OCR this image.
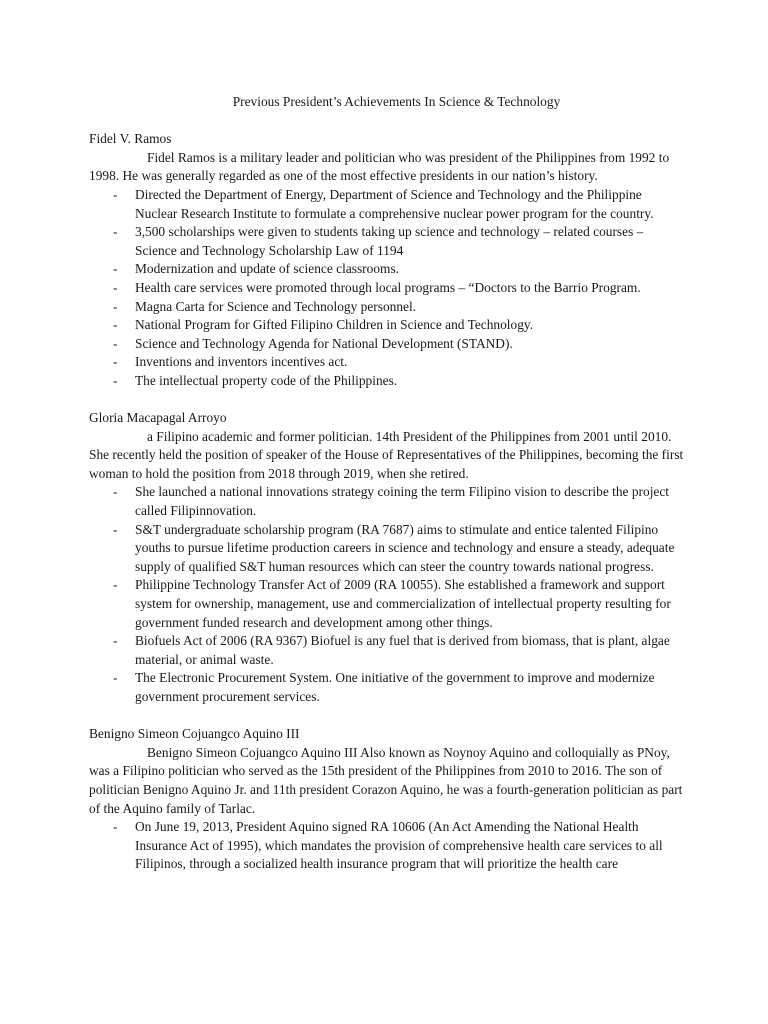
Previous President’s Achievements In Science & Technology

Fidel V. Ramos

Fidel Ramos is a military leader and politician who was president of the Philippines from 1992 to 1998. He was generally regarded as one of the most effective presidents in our nation’s history.

- Directed the Department of Energy, Department of Science and Technology and the Philippine Nuclear Research Institute to formulate a comprehensive nuclear power program for the country.
- 3,500 scholarships were given to students taking up science and technology – related courses – Science and Technology Scholarship Law of 1194
- Modernization and update of science classrooms.
- Health care services were promoted through local programs – “Doctors to the Barrio Program.
- Magna Carta for Science and Technology personnel.
- National Program for Gifted Filipino Children in Science and Technology.
- Science and Technology Agenda for National Development (STAND).
- Inventions and inventors incentives act.
- The intellectual property code of the Philippines.

Gloria Macapagal Arroyo

a Filipino academic and former politician. 14th President of the Philippines from 2001 until 2010. She recently held the position of speaker of the House of Representatives of the Philippines, becoming the first woman to hold the position from 2018 through 2019, when she retired.

- She launched a national innovations strategy coining the term Filipino vision to describe the project called Filipinnovation.
- S&T undergraduate scholarship program (RA 7687) aims to stimulate and entice talented Filipino youths to pursue lifetime production careers in science and technology and ensure a steady, adequate supply of qualified S&T human resources which can steer the country towards national progress.
- Philippine Technology Transfer Act of 2009 (RA 10055). She established a framework and support system for ownership, management, use and commercialization of intellectual property resulting for government funded research and development among other things.
- Biofuels Act of 2006 (RA 9367) Biofuel is any fuel that is derived from biomass, that is plant, algae material, or animal waste.
- The Electronic Procurement System. One initiative of the government to improve and modernize government procurement services.

Benigno Simeon Cojuangco Aquino III

Benigno Simeon Cojuangco Aquino III Also known as Noynoy Aquino and colloquially as PNoy, was a Filipino politician who served as the 15th president of the Philippines from 2010 to 2016. The son of politician Benigno Aquino Jr. and 11th president Corazon Aquino, he was a fourth-generation politician as part of the Aquino family of Tarlac.

- On June 19, 2013, President Aquino signed RA 10606 (An Act Amending the National Health Insurance Act of 1995), which mandates the provision of comprehensive health care services to all Filipinos, through a socialized health insurance program that will prioritize the health care
